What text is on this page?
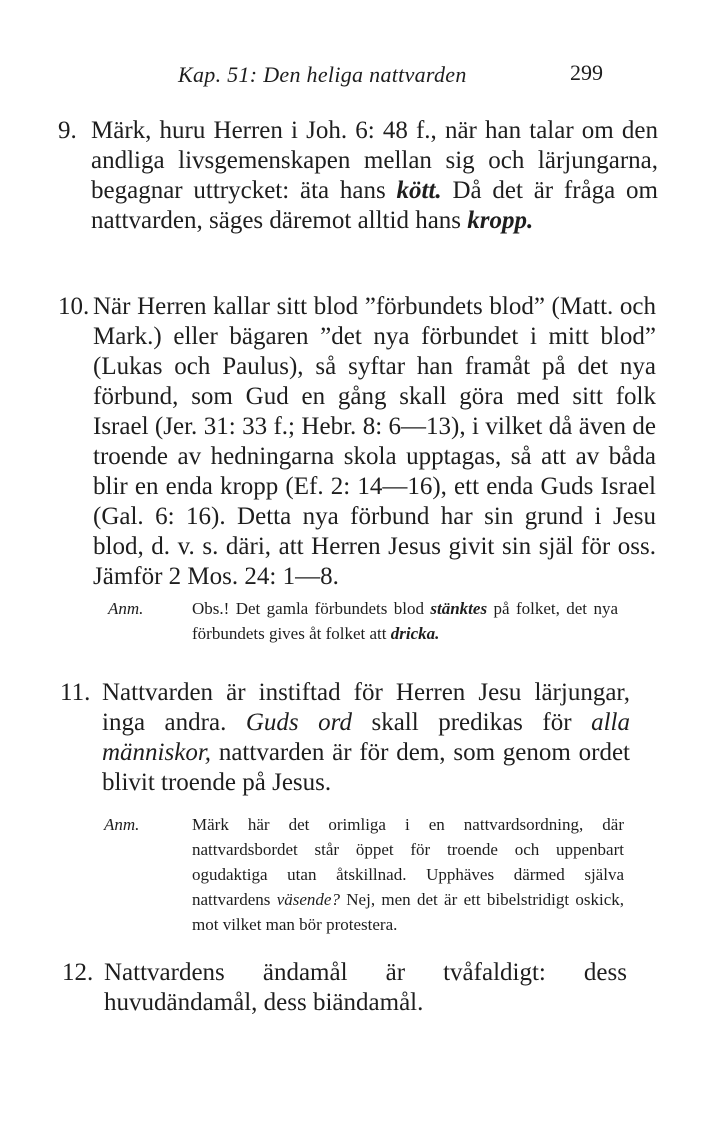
Kap. 51: Den heliga nattvarden	299
9. Märk, huru Herren i Joh. 6: 48 f., när han talar om den andliga livsgemenskapen mellan sig och lärjungarna, begagnar uttrycket: äta hans kött. Då det är fråga om nattvarden, säges däremot alltid hans kropp.
10. När Herren kallar sitt blod ”förbundets blod” (Matt. och Mark.) eller bägaren ”det nya förbundet i mitt blod” (Lukas och Paulus), så syftar han framåt på det nya förbund, som Gud en gång skall göra med sitt folk Israel (Jer. 31: 33 f.; Hebr. 8: 6—13), i vilket då även de troende av hedningarna skola upptagas, så att av båda blir en enda kropp (Ef. 2: 14—16), ett enda Guds Israel (Gal. 6: 16). Detta nya förbund har sin grund i Jesu blod, d. v. s. däri, att Herren Jesus givit sin själ för oss. Jämför 2 Mos. 24: 1—8.
Anm.	Obs.! Det gamla förbundets blod stänktes på folket, det nya förbundets gives åt folket att dricka.
11. Nattvarden är instiftad för Herren Jesu lärjungar, inga andra. Guds ord skall predikas för alla människor, nattvarden är för dem, som genom ordet blivit troende på Jesus.
Anm.	Märk här det orimliga i en nattvardsordning, där nattvardsbordet står öppet för troende och uppenbart ogudaktiga utan åtskillnad. Upphäves därmed själva nattvardens väsende? Nej, men det är ett bibelstridigt oskick, mot vilket man bör protestera.
12. Nattvardens ändamål är tvåfaldigt: dess huvudändamål, dess biändamål.
